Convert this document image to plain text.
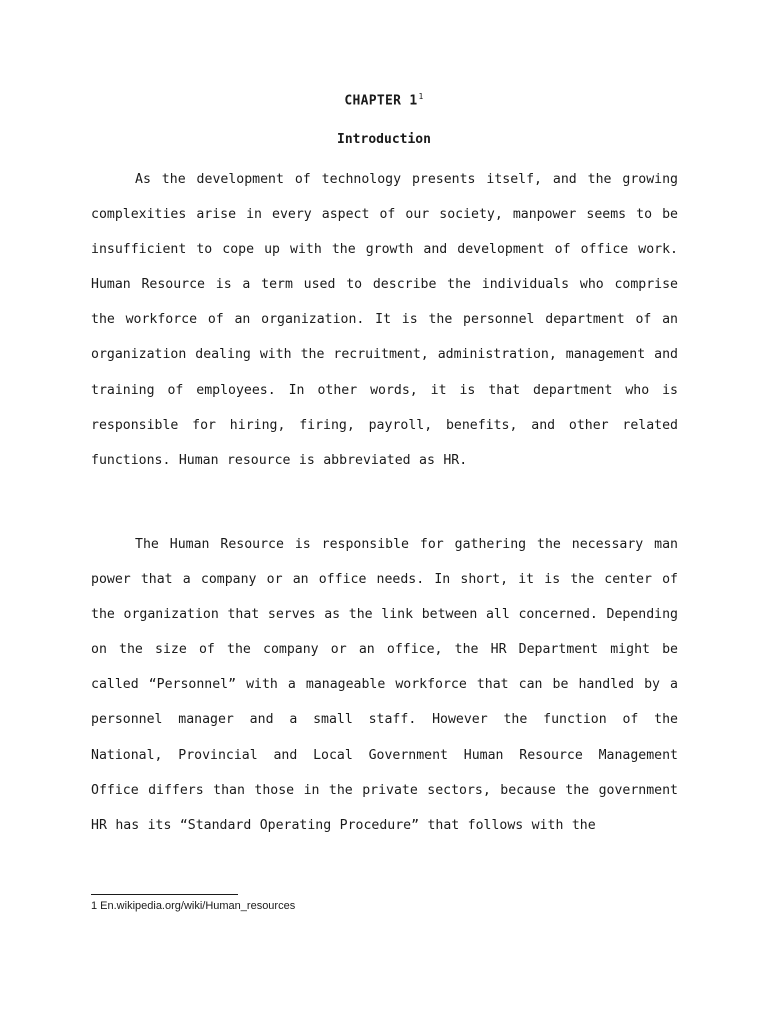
CHAPTER $1^1$
Introduction

As the development of technology presents itself, and the growing complexities arise in every aspect of our society, manpower seems to be insufficient to cope up with the growth and development of office work. Human Resource is a term used to describe the individuals who comprise the workforce of an organization. It is the personnel department of an organization dealing with the recruitment, administration, management and training of employees. In other words, it is that department who is responsible for hiring, firing, payroll, benefits, and other related functions. Human resource is abbreviated as HR.

The Human Resource is responsible for gathering the necessary man power that a company or an office needs. In short, it is the center of the organization that serves as the link between all concerned. Depending on the size of the company or an office, the HR Department might be called “Personnel” with a manageable workforce that can be handled by a personnel manager and a small staff. However the function of the National, Provincial and Local Government Human Resource Management Office differs than those in the private sectors, because the government HR has its “Standard Operating Procedure” that follows with the

1 En.wikipedia.org/wiki/Human_resources
